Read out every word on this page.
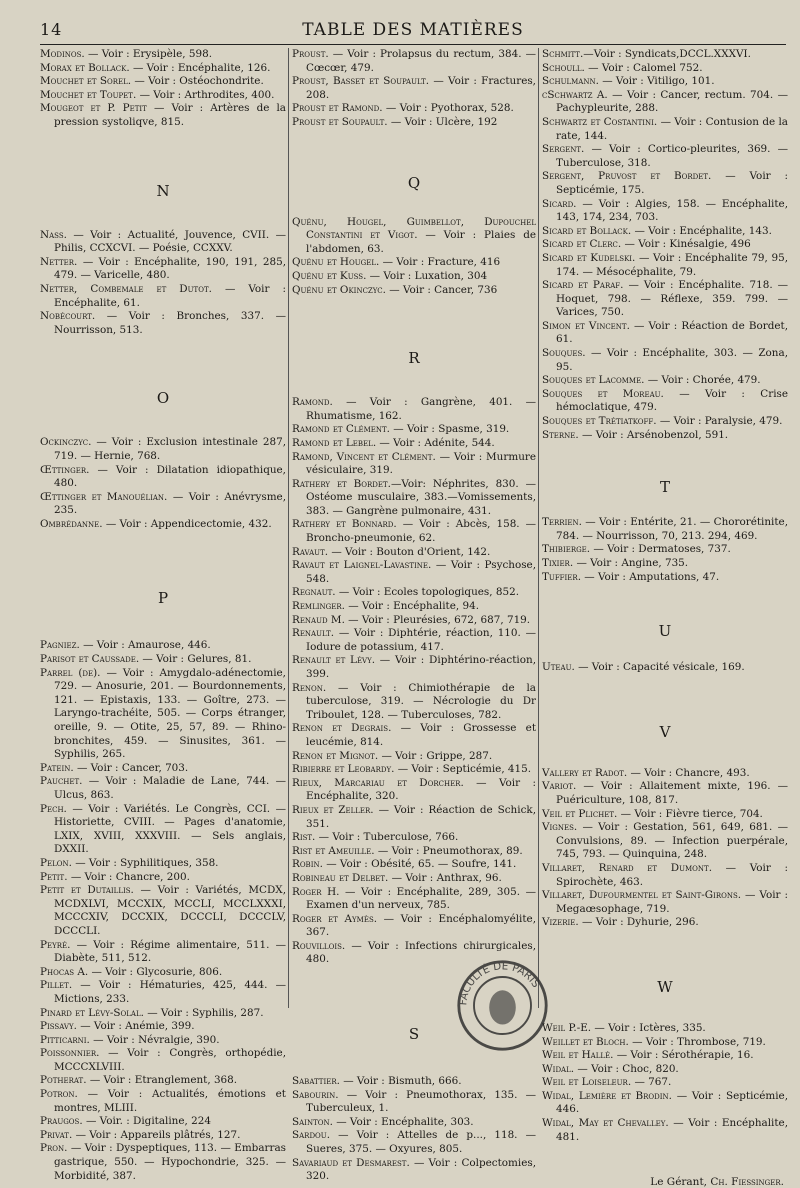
14	TABLE DES MATIÈRES

Modinos. — Voir : Erysipèle, 598.

Morax et Bollack. — Voir : Encéphalite, 126.

Mouchet et Sorel. — Voir : Ostéochondrite.

Mouchet et Toupet. — Voir : Arthrodites, 400.

Mougeot et P. Petit — Voir : Artères de la pression systoliqve, 815.

N

Nass. — Voir : Actualité, Jouvence, CVII. — Philis, CCXCVI. — Poésie, CCXXV.

Netter. — Voir : Encéphalite, 190, 191, 285, 479. — Varicelle, 480.

Netter, Combemale et Dutot. — Voir : Encéphalite, 61.

Nobécourt. — Voir : Bronches, 337. — Nourrisson, 513.

O

Ockinczyc. — Voir : Exclusion intestinale 287, 719. — Hernie, 768.

Œttinger. — Voir : Dilatation idiopathique, 480.

Œttinger et Manouélian. — Voir : Anévrysme, 235.

Ombrédanne. — Voir : Appendicectomie, 432.

P

Pagniez. — Voir : Amaurose, 446.

Parisot et Caussade. — Voir : Gelures, 81.

Parrel (de). — Voir : Amygdalo-adénectomie, 729. — Anosurie, 201. — Bourdonnements, 121. — Epistaxis, 133. — Goître, 273. — Laryngo-trachéite, 505. — Corps étranger, oreille, 9. — Otite, 25, 57, 89. — Rhino-bronchites, 459. — Sinusites, 361. — Syphilis, 265.

Patein. — Voir : Cancer, 703.

Pauchet. — Voir : Maladie de Lane, 744. — Ulcus, 863.

Pech. — Voir : Variétés. Le Congrès, CCI. — Historiette, CVIII. — Pages d'anatomie, LXIX, XVIII, XXXVIII. — Sels anglais, DXXII.

Pelon. — Voir : Syphilitiques, 358.

Petit. — Voir : Chancre, 200.

Petit et Dutaillis. — Voir : Variétés, MCDX, MCDXLVI, MCCXIX, MCCLI, MCCLXXXI, MCCCXIV, DCCXIX, DCCCLI, DCCCLV, DCCCLI.

Peyré. — Voir : Régime alimentaire, 511. — Diabète, 511, 512.

Phocas A. — Voir : Glycosurie, 806.

Pillet. — Voir : Hématuries, 425, 444. — Mictions, 233.

Pinard et Lévy-Solal. — Voir : Syphilis, 287.

Pissavy. — Voir : Anémie, 399.

Pitticarni. — Voir : Névralgie, 390.

Poissonnier. — Voir : Congrès, orthopédie, MCCCXLVIII.

Potherat. — Voir : Etranglement, 368.

Potron. — Voir : Actualités, émotions et montres, MLIII.

Praugos. — Voir. : Digitaline, 224

Privat. — Voir : Appareils plâtrés, 127.

Pron. — Voir : Dyspeptiques, 113. — Embarras gastrique, 550. — Hypochondrie, 325. — Morbidité, 387.

Proust. — Voir : Prolapsus du rectum, 384. — Cœcœr, 479.

Proust, Basset et Soupault. — Voir : Fractures, 208.

Proust et Ramond. — Voir : Pyothorax, 528.

Proust et Soupault. — Voir : Ulcère, 192

Q

Quénu, Hougel, Guimbellot, Dupouchel Constantini et Vigot. — Voir : Plaies de l'abdomen, 63.

Quénu et Hougel. — Voir : Fracture, 416

Quénu et Kuss. — Voir : Luxation, 304

Quénu et Okinczyc. — Voir : Cancer, 736

R

Ramond. — Voir : Gangrène, 401. — Rhumatisme, 162.

Ramond et Clément. — Voir : Spasme, 319.

Ramond et Lebel. — Voir : Adénite, 544.

Ramond, Vincent et Clément. — Voir : Murmure vésiculaire, 319.

Rathery et Bordet.—Voir: Néphrites, 830. —Ostéome musculaire, 383.—Vomissements, 383. — Gangrène pulmonaire, 431.

Rathery et Bonnard. — Voir : Abcès, 158. — Broncho-pneumonie, 62.

Ravaut. — Voir : Bouton d'Orient, 142.

Ravaut et Laignel-Lavastine. — Voir : Psychose, 548.

Regnaut. — Voir : Ecoles topologiques, 852.

Remlinger. — Voir : Encéphalite, 94.

Renaud M. — Voir : Pleurésies, 672, 687, 719.

Renault. — Voir : Diphtérie, réaction, 110. — Iodure de potassium, 417.

Renault et Lévy. — Voir : Diphtérino-réaction, 399.

Renon. — Voir : Chimiothérapie de la tuberculose, 319. — Nécrologie du Dr Triboulet, 128. — Tuberculoses, 782.

Renon et Degrais. — Voir : Grossesse et leucémie, 814.

Renon et Mignot. — Voir : Grippe, 287.

Ribierre et Leobardy. — Voir : Septicémie, 415.

Rieux, Marcariau et Dorcher. — Voir : Encéphalite, 320.

Rieux et Zeller. — Voir : Réaction de Schick, 351.

Rist. — Voir : Tuberculose, 766.

Rist et Ameuille. — Voir : Pneumothorax, 89.

Robin. — Voir : Obésité, 65. — Soufre, 141.

Robineau et Delbet. — Voir : Anthrax, 96.

Roger H. — Voir : Encéphalite, 289, 305. — Examen d'un nerveux, 785.

Roger et Aymès. — Voir : Encéphalomyélite, 367.

Rouvillois. — Voir : Infections chirurgicales, 480.

S

Sabattier. — Voir : Bismuth, 666.

Sabourin. — Voir : Pneumothorax, 135. — Tuberculeux, 1.

Sainton. — Voir : Encéphalite, 303.

Sardou. — Voir : Attelles de p..., 118. — Sueres, 375. — Oxyures, 805.

Savariaud et Desmarest. — Voir : Colpectomies, 320.

Schmitt.—Voir : Syndicats,DCCL.XXXVI.

Schoull. — Voir : Calomel 752.

Schulmann. — Voir : Vitiligo, 101.

cSchwartz A. — Voir : Cancer, rectum. 704. — Pachypleurite, 288.

Schwartz et Costantini. — Voir : Contusion de la rate, 144.

Sergent. — Voir : Cortico-pleurites, 369. — Tuberculose, 318.

Sergent, Pruvost et Bordet. — Voir : Septicémie, 175.

Sicard. — Voir : Algies, 158. — Encéphalite, 143, 174, 234, 703.

Sicard et Bollack. — Voir : Encéphalite, 143.

Sicard et Clerc. — Voir : Kinésalgie, 496

Sicard et Kudelski. — Voir : Encéphalite 79, 95, 174. — Mésocéphalite, 79.

Sicard et Paraf. — Voir : Encéphalite. 718. — Hoquet, 798. — Réflexe, 359. 799. — Varices, 750.

Simon et Vincent. — Voir : Réaction de Bordet, 61.

Souques. — Voir : Encéphalite, 303. — Zona, 95.

Souques et Lacomme. — Voir : Chorée, 479.

Souques et Moreau. — Voir : Crise hémoclatique, 479.

Souques et Trétiatkoff. — Voir : Paralysie, 479.

Sterne. — Voir : Arsénobenzol, 591.

T

Terrien. — Voir : Entérite, 21. — Chororétinite, 784. — Nourrisson, 70, 213. 294, 469.

Thibierge. — Voir : Dermatoses, 737.

Tixier. — Voir : Angine, 735.

Tuffier. — Voir : Amputations, 47.

U

Uteau. — Voir : Capacité vésicale, 169.

V

Vallery et Radot. — Voir : Chancre, 493.

Variot. — Voir : Allaitement mixte, 196. — Puériculture, 108, 817.

Veil et Plichet. — Voir : Fièvre tierce, 704.

Vignes. — Voir : Gestation, 561, 649, 681. — Convulsions, 89. — Infection puerpérale, 745, 793. — Quinquina, 248.

Villaret, Renard et Dumont. — Voir : Spirochète, 463.

Villaret, Dufourmentel et Saint-Girons. — Voir : Megaœsophage, 719.

Vizerie. — Voir : Dyhurie, 296.

W

Weil P.-E. — Voir : Ictères, 335.

Weillet et Bloch. — Voir : Thrombose, 719.

Weil et Hallé. — Voir : Sérothérapie, 16.

Widal. — Voir : Choc, 820.

Weil et Loiseleur. — 767.

Widal, Lemière et Brodin. — Voir : Septicémie, 446.

Widal, May et Chevalley. — Voir : Encéphalite, 481.

Le Gérant, Ch. Fiessinger.
FACULTÉ DE PARIS
